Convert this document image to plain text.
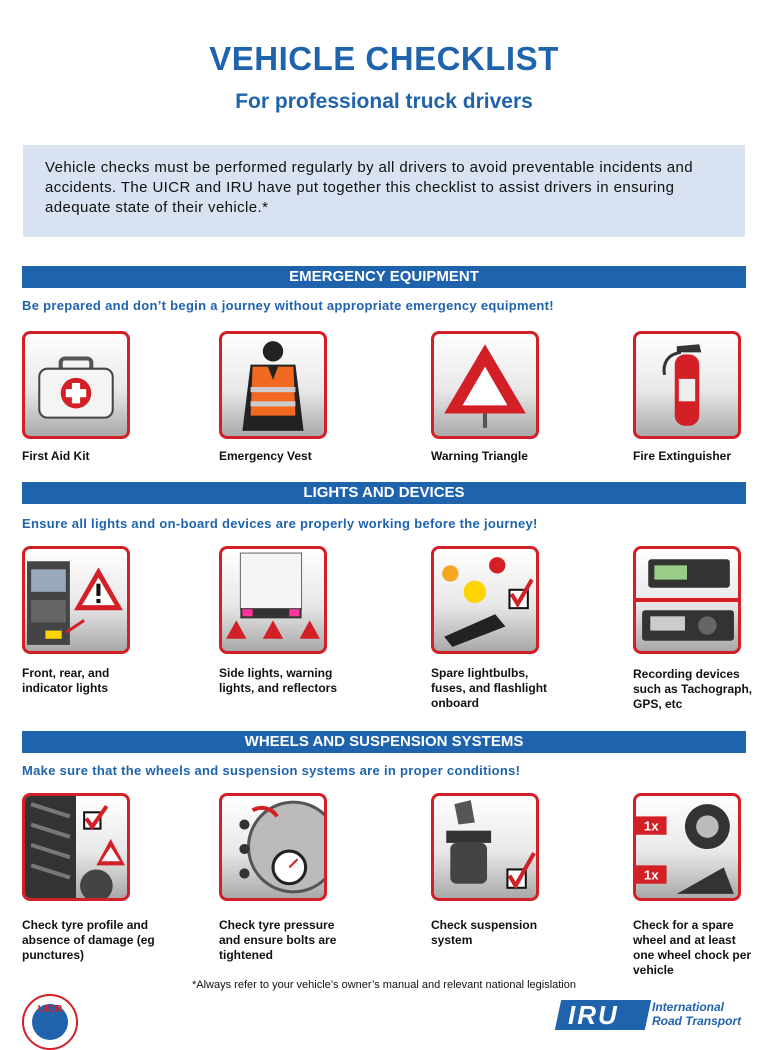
VEHICLE CHECKLIST
For professional truck drivers
Vehicle checks must be performed regularly by all drivers to avoid preventable incidents and accidents. The UICR and IRU have put together this checklist to assist drivers in ensuring adequate state of their vehicle.*
EMERGENCY EQUIPMENT
Be prepared and don’t begin a journey without appropriate emergency equipment!
First Aid Kit	Emergency Vest	Warning Triangle	Fire Extinguisher
LIGHTS AND DEVICES
Ensure all lights and on-board devices are properly working before the journey!
Front, rear, and indicator lights
Side lights, warning lights, and reflectors
Spare lightbulbs, fuses, and flashlight onboard
Recording devices such as Tachograph, GPS, etc
WHEELS AND SUSPENSION SYSTEMS
Make sure that the wheels and suspension systems are in proper conditions!
1x
1x
Check tyre profile and absence of damage (eg punctures)
Check tyre pressure and ensure bolts are tightened
Check suspension system
Check for a spare wheel and at least one wheel chock per vehicle
*Always refer to your vehicle’s owner’s manual and relevant national legislation
UICR	IRU	International Road Transport
